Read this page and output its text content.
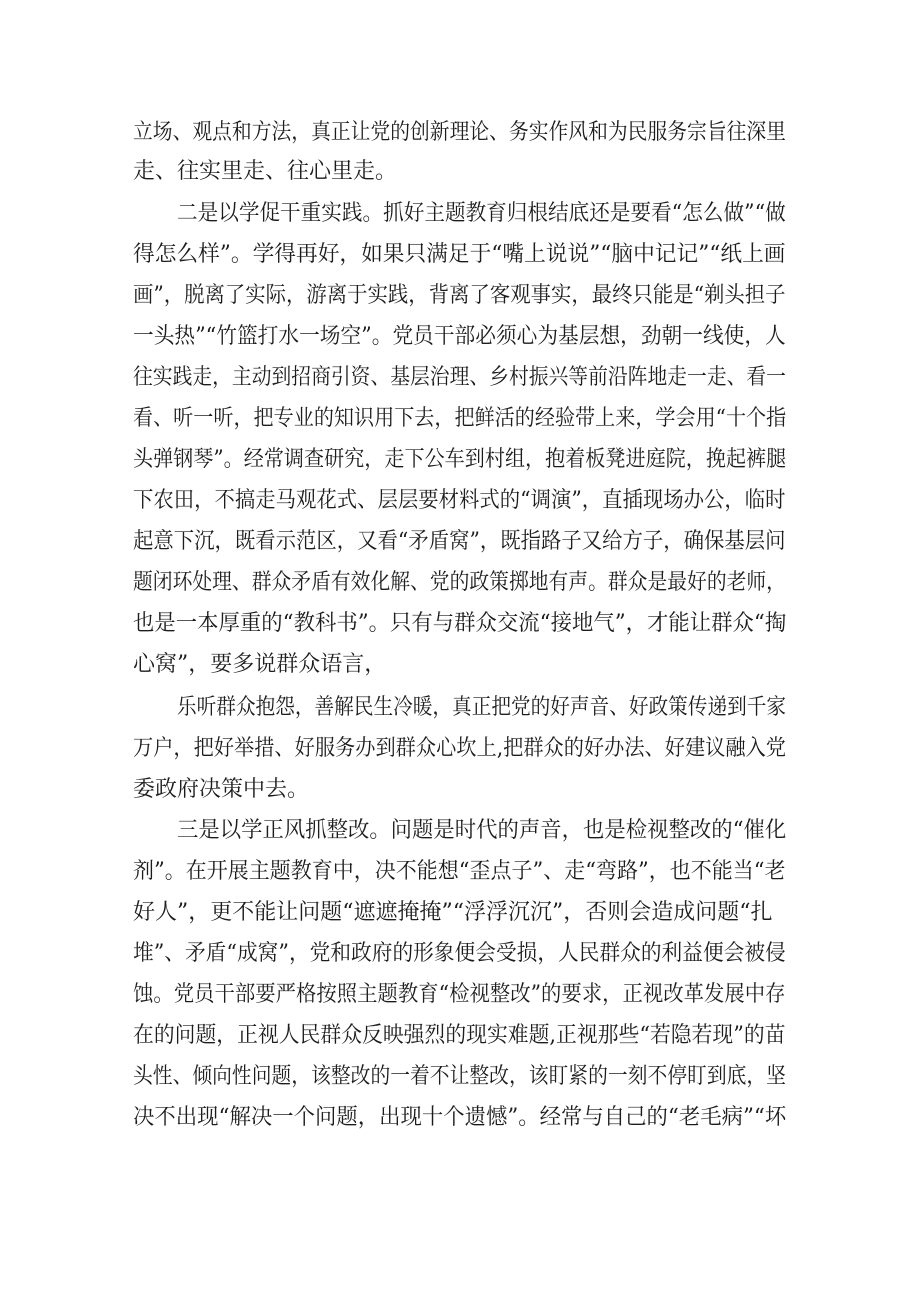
立场、观点和方法，真正让党的创新理论、务实作风和为民服务宗旨往深里
走、往实里走、往心里走。
二是以学促干重实践。抓好主题教育归根结底还是要看“怎么做”“做
得怎么样”。学得再好，如果只满足于“嘴上说说”“脑中记记”“纸上画
画”，脱离了实际，游离于实践，背离了客观事实，最终只能是“剃头担子
一头热”“竹篮打水一场空”。党员干部必须心为基层想，劲朝一线使，人
往实践走，主动到招商引资、基层治理、乡村振兴等前沿阵地走一走、看一
看、听一听，把专业的知识用下去，把鲜活的经验带上来，学会用“十个指
头弹钢琴”。经常调查研究，走下公车到村组，抱着板凳进庭院，挽起裤腿
下农田，不搞走马观花式、层层要材料式的“调演”，直插现场办公，临时
起意下沉，既看示范区，又看“矛盾窝”，既指路子又给方子，确保基层问
题闭环处理、群众矛盾有效化解、党的政策掷地有声。群众是最好的老师，
也是一本厚重的“教科书”。只有与群众交流“接地气”，才能让群众“掏
心窝”，要多说群众语言，
乐听群众抱怨，善解民生冷暖，真正把党的好声音、好政策传递到千家
万户，把好举措、好服务办到群众心坎上,把群众的好办法、好建议融入党
委政府决策中去。
三是以学正风抓整改。问题是时代的声音，也是检视整改的“催化
剂”。在开展主题教育中，决不能想“歪点子”、走“弯路”，也不能当“老
好人”，更不能让问题“遮遮掩掩”“浮浮沉沉”，否则会造成问题“扎
堆”、矛盾“成窝”，党和政府的形象便会受损，人民群众的利益便会被侵
蚀。党员干部要严格按照主题教育“检视整改”的要求，正视改革发展中存
在的问题，正视人民群众反映强烈的现实难题,正视那些“若隐若现”的苗
头性、倾向性问题，该整改的一着不让整改，该盯紧的一刻不停盯到底，坚
决不出现“解决一个问题，出现十个遗憾”。经常与自己的“老毛病”“坏
